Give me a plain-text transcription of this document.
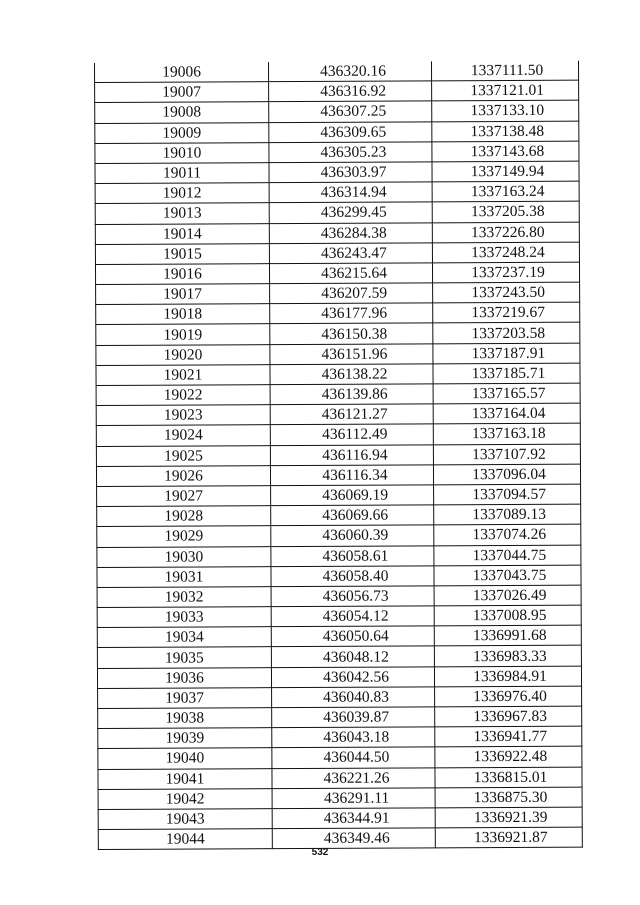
19006	436320.16	1337111.50
19007	436316.92	1337121.01
19008	436307.25	1337133.10
19009	436309.65	1337138.48
19010	436305.23	1337143.68
19011	436303.97	1337149.94
19012	436314.94	1337163.24
19013	436299.45	1337205.38
19014	436284.38	1337226.80
19015	436243.47	1337248.24
19016	436215.64	1337237.19
19017	436207.59	1337243.50
19018	436177.96	1337219.67
19019	436150.38	1337203.58
19020	436151.96	1337187.91
19021	436138.22	1337185.71
19022	436139.86	1337165.57
19023	436121.27	1337164.04
19024	436112.49	1337163.18
19025	436116.94	1337107.92
19026	436116.34	1337096.04
19027	436069.19	1337094.57
19028	436069.66	1337089.13
19029	436060.39	1337074.26
19030	436058.61	1337044.75
19031	436058.40	1337043.75
19032	436056.73	1337026.49
19033	436054.12	1337008.95
19034	436050.64	1336991.68
19035	436048.12	1336983.33
19036	436042.56	1336984.91
19037	436040.83	1336976.40
19038	436039.87	1336967.83
19039	436043.18	1336941.77
19040	436044.50	1336922.48
19041	436221.26	1336815.01
19042	436291.11	1336875.30
19043	436344.91	1336921.39
19044	436349.46	1336921.87
532
